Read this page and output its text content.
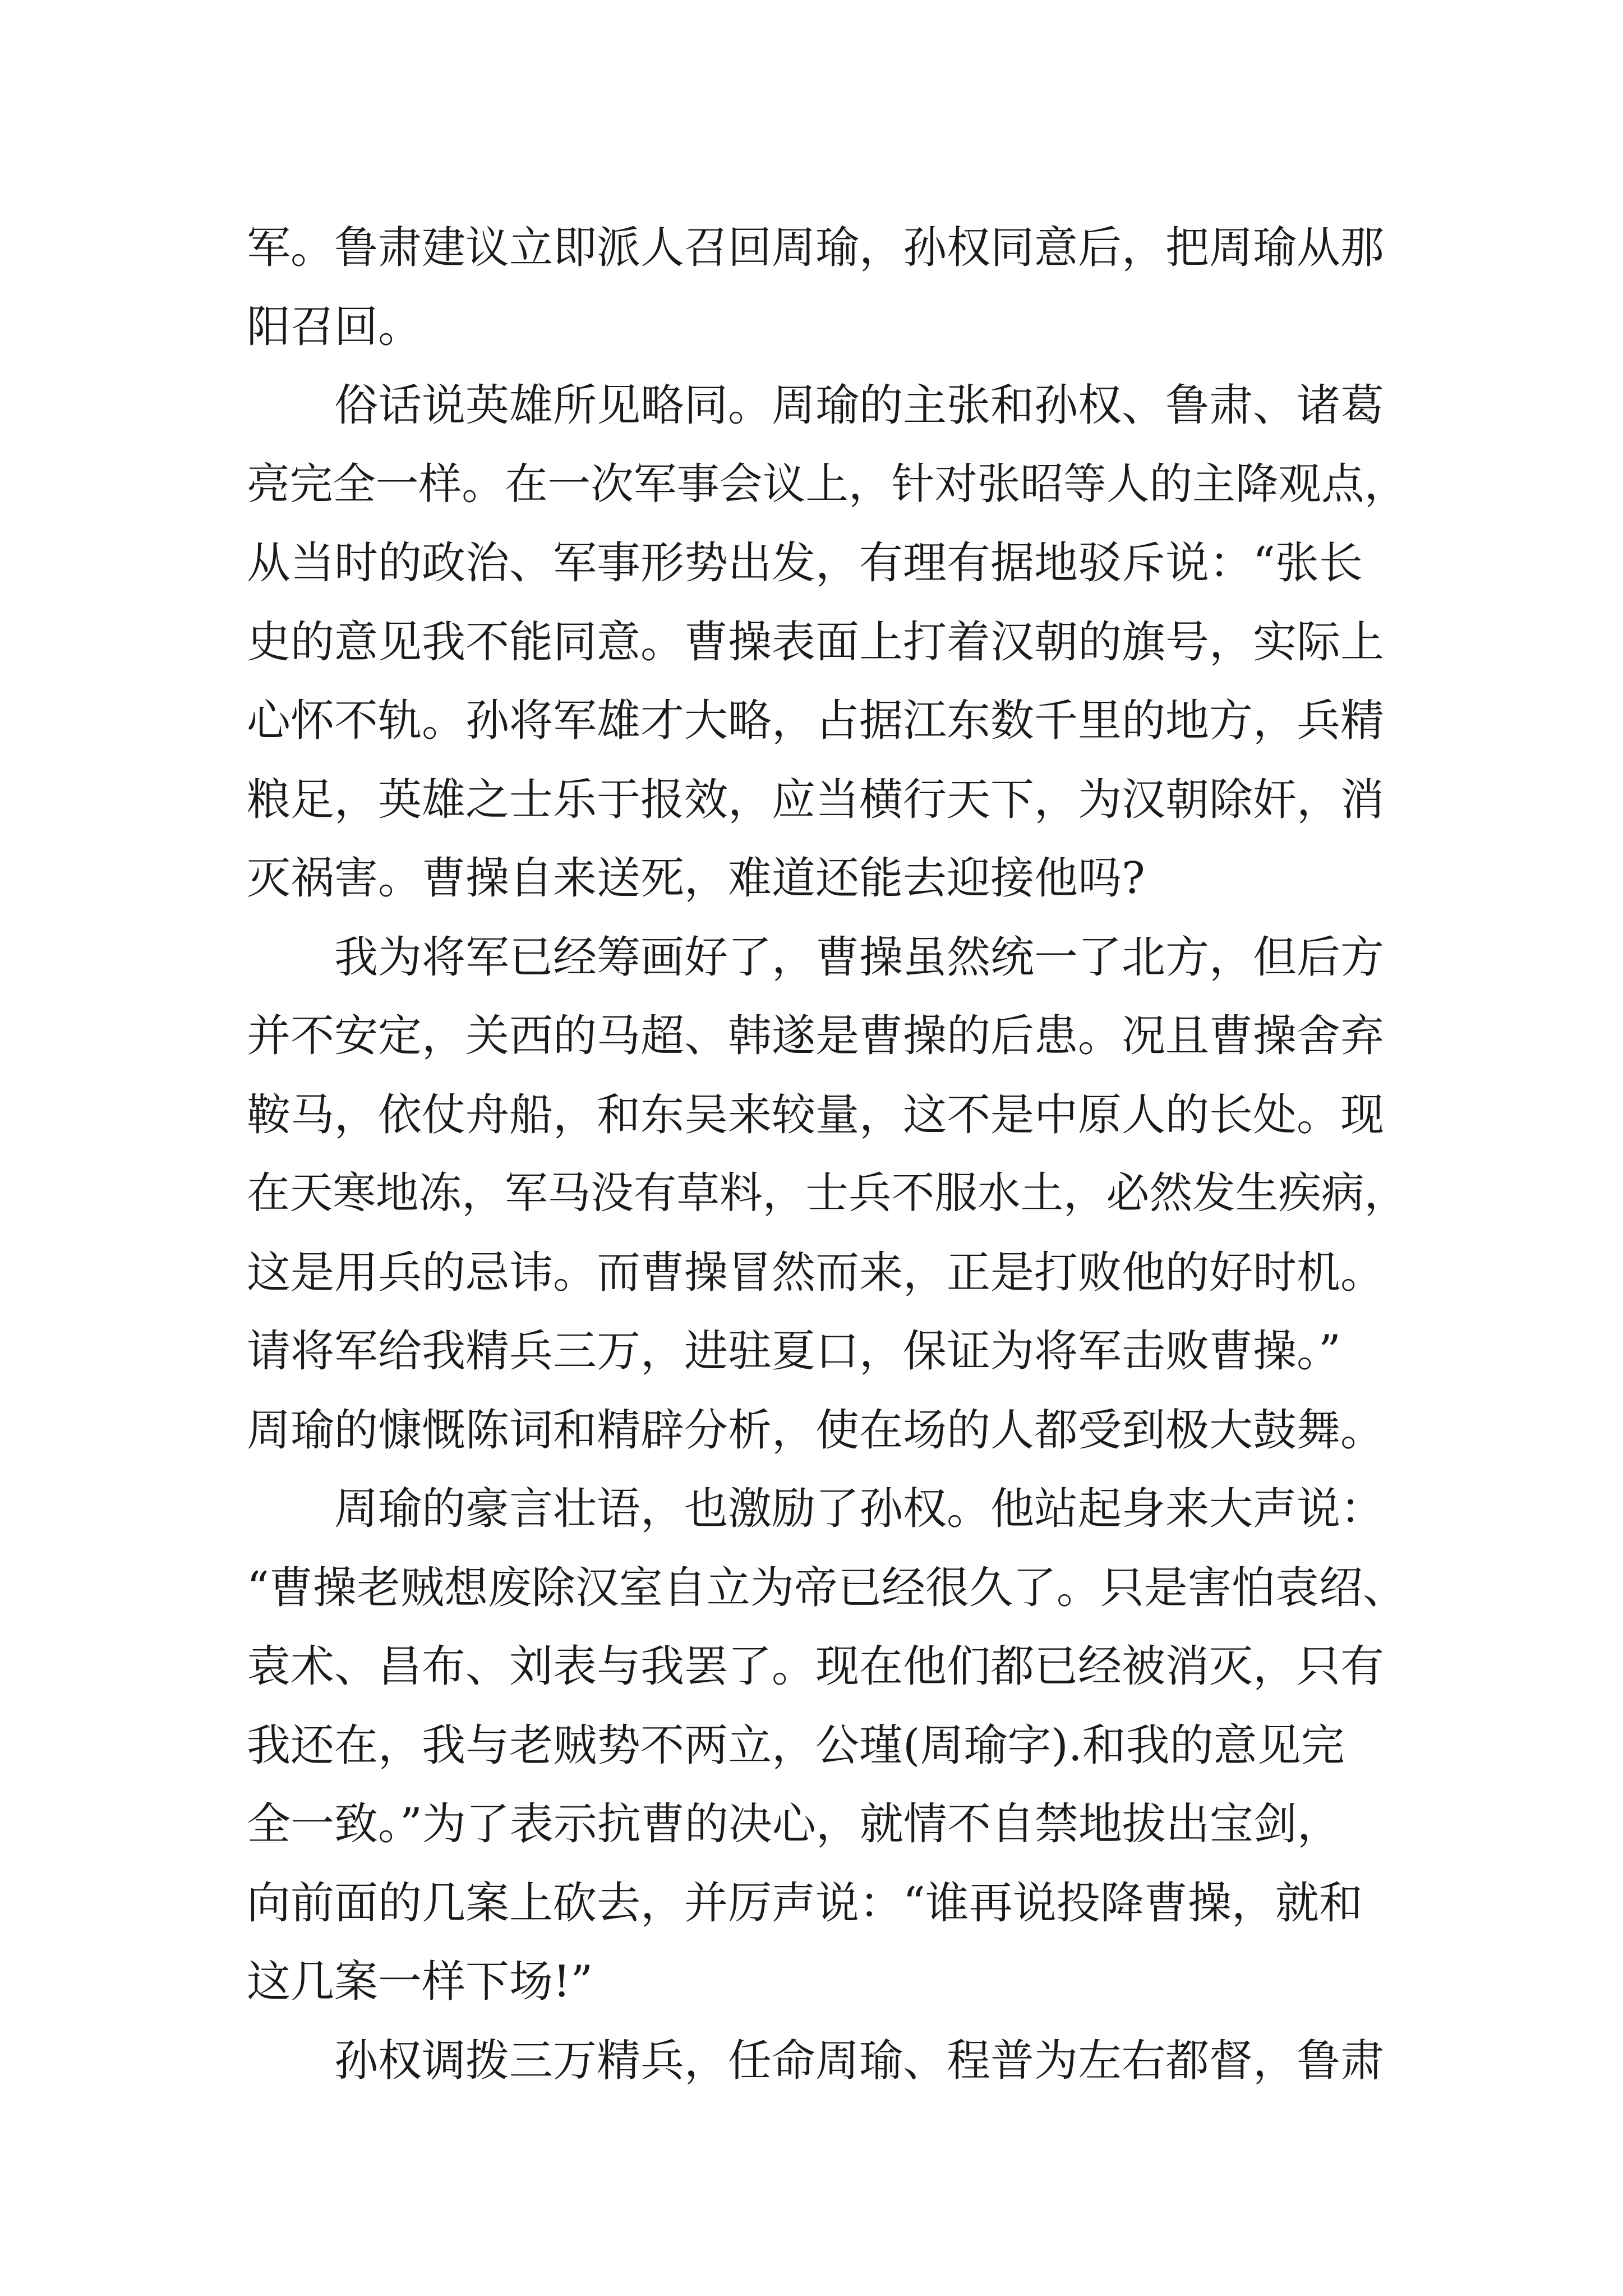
军。鲁肃建议立即派人召回周瑜，孙权同意后，把周瑜从那
阳召回。
俗话说英雄所见略同。周瑜的主张和孙权、鲁肃、诸葛
亮完全一样。在一次军事会议上，针对张昭等人的主降观点，
从当时的政治、军事形势出发，有理有据地驳斥说：“张长
史的意见我不能同意。曹操表面上打着汉朝的旗号，实际上
心怀不轨。孙将军雄才大略，占据江东数千里的地方，兵精
粮足，英雄之士乐于报效，应当横行天下，为汉朝除奸，消
灭祸害。曹操自来送死，难道还能去迎接他吗?
我为将军已经筹画好了，曹操虽然统一了北方，但后方
并不安定，关西的马超、韩遂是曹操的后患。况且曹操舍弃
鞍马，依仗舟船，和东吴来较量，这不是中原人的长处。现
在天寒地冻，军马没有草料，士兵不服水土，必然发生疾病，
这是用兵的忌讳。而曹操冒然而来，正是打败他的好时机。
请将军给我精兵三万，进驻夏口，保证为将军击败曹操。”
周瑜的慷慨陈词和精辟分析，使在场的人都受到极大鼓舞。
周瑜的豪言壮语，也激励了孙权。他站起身来大声说：
“曹操老贼想废除汉室自立为帝已经很久了。只是害怕袁绍、
袁术、昌布、刘表与我罢了。现在他们都已经被消灭，只有
我还在，我与老贼势不两立，公瑾(周瑜字).和我的意见完
全一致。”为了表示抗曹的决心，就情不自禁地拔出宝剑，
向前面的几案上砍去，并厉声说：“谁再说投降曹操，就和
这几案一样下场!”
孙权调拨三万精兵，任命周瑜、程普为左右都督，鲁肃
